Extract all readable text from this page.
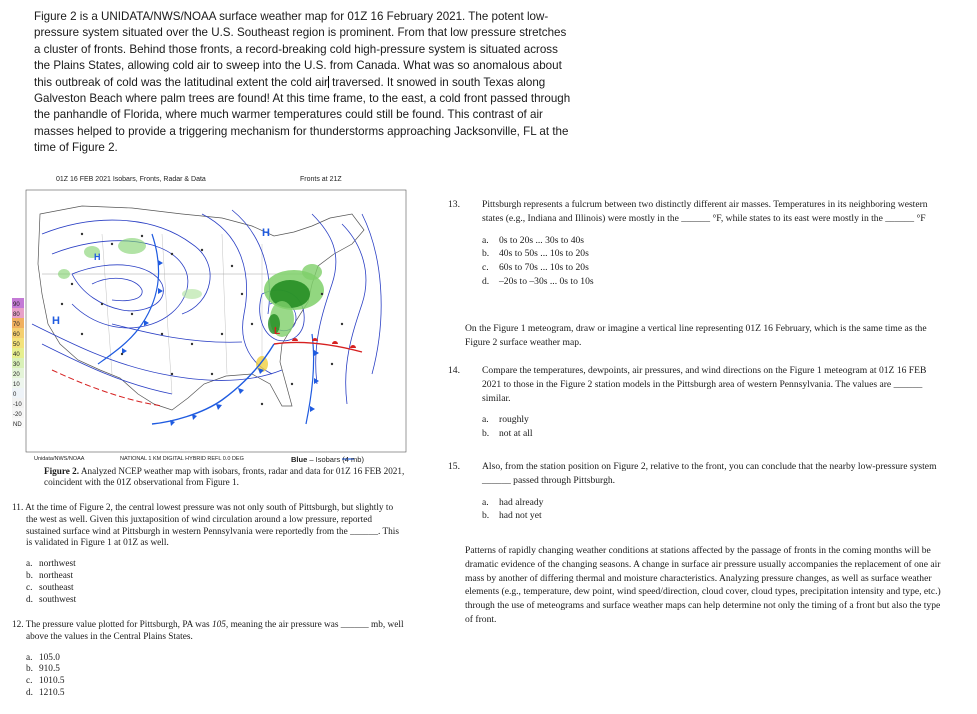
Figure 2 is a UNIDATA/NWS/NOAA surface weather map for 01Z 16 February 2021. The potent low-pressure system situated over the U.S. Southeast region is prominent. From that low pressure stretches a cluster of fronts. Behind those fronts, a record-breaking cold high-pressure system is situated across the Plains States, allowing cold air to sweep into the U.S. from Canada. What was so anomalous about this outbreak of cold was the latitudinal extent the cold air traversed. It snowed in south Texas along Galveston Beach where palm trees are found! At this time frame, to the east, a cold front passed through the panhandle of Florida, where much warmer temperatures could still be found. This contrast of air masses helped to provide a triggering mechanism for thunderstorms approaching Jacksonville, FL at the time of Figure 2.
90
80
70
60
50
40
30
20
10
0
-10
-20
ND
H
H
H
L
01Z 16 FEB 2021 Isobars, Fronts, Radar & Data	Fronts at 21Z
Unidata/NWS/NOAA	NATIONAL 1 KM DIGITAL HYBRID REFL 0.0 DEG	Blue – Isobars (4 mb)
Figure 2. Analyzed NCEP weather map with isobars, fronts, radar and data for 01Z 16 FEB 2021, coincident with the 01Z observational from Figure 1.
11. At the time of Figure 2, the central lowest pressure was not only south of Pittsburgh, but slightly to the west as well. Given this juxtaposition of wind circulation around a low pressure, reported sustained surface wind at Pittsburgh in western Pennsylvania were reportedly from the ______. This is validated in Figure 1 at 01Z as well.
a. northwest
b. northeast
c. southeast
d. southwest
12. The pressure value plotted for Pittsburgh, PA was 105, meaning the air pressure was ______ mb, well above the values in the Central Plains States.
a. 105.0
b. 910.5
c. 1010.5
d. 1210.5
13. Pittsburgh represents a fulcrum between two distinctly different air masses. Temperatures in its neighboring western states (e.g., Indiana and Illinois) were mostly in the ______ °F, while states to its east were mostly in the ______ °F
a.	0s to 20s ... 30s to 40s
b.	40s to 50s ... 10s to 20s
c.	60s to 70s ... 10s to 20s
d.	–20s to –30s ... 0s to 10s
On the Figure 1 meteogram, draw or imagine a vertical line representing 01Z 16 February, which is the same time as the Figure 2 surface weather map.
14. Compare the temperatures, dewpoints, air pressures, and wind directions on the Figure 1 meteogram at 01Z 16 FEB 2021 to those in the Figure 2 station models in the Pittsburgh area of western Pennsylvania. The values are ______ similar.
a.	roughly
b.	not at all
15. Also, from the station position on Figure 2, relative to the front, you can conclude that the nearby low-pressure system ______ passed through Pittsburgh.
a.	had already
b.	had not yet
Patterns of rapidly changing weather conditions at stations affected by the passage of fronts in the coming months will be dramatic evidence of the changing seasons. A change in surface air pressure usually accompanies the replacement of one air mass by another of differing thermal and moisture characteristics. Analyzing pressure changes, as well as surface weather elements (e.g., temperature, dew point, wind speed/direction, cloud cover, cloud types, precipitation intensity and type, etc.) through the use of meteograms and surface weather maps can help determine not only the timing of a front but also the type of front.
